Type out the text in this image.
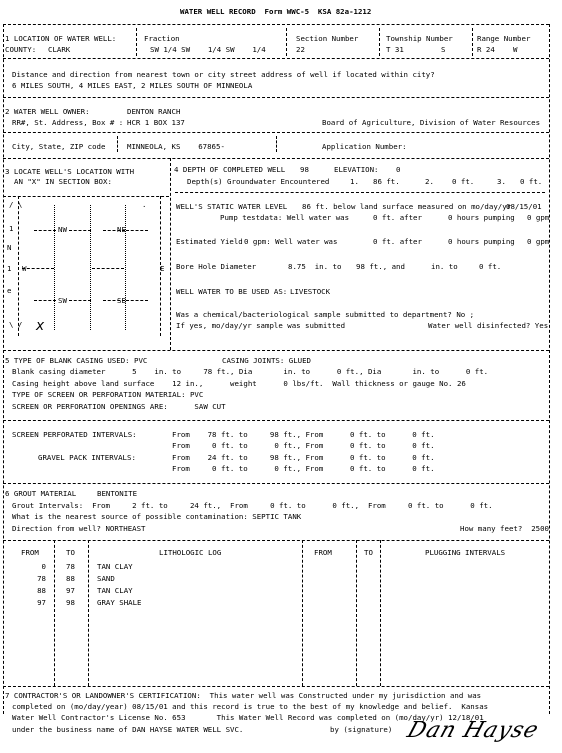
WATER WELL RECORD  Form WWC-5  KSA 82a-1212
1 LOCATION OF WATER WELL:
COUNTY: CLARK
Fraction
SW 1/4 SW    1/4 SW    1/4
Section Number
22
Township Number
T 31	S
Range Number
R 24 W
Distance and direction from nearest town or city street address of well if located within city?
6 MILES SOUTH, 4 MILES EAST, 2 MILES SOUTH OF MINNEOLA
2 WATER WELL OWNER:	DENTON RANCH
RR#, St. Address, Box # : HCR 1 BOX 137	Board of Agriculture, Division of Water Resources
City, State, ZIP code	MINNEOLA, KS    67865-	Application Number:
3 LOCATE WELL'S LOCATION WITH
AN "X" IN SECTION BOX:
NW	NE
SW	SE
N
W	E
/ \
1
1
e
\ /
.
x
4 DEPTH OF COMPLETED WELL 98	ELEVATION: 0
Depth(s) Groundwater Encountered	1. 86 ft.	2. 0 ft.	3. 0 ft.
WELL'S STATIC WATER LEVEL 86 ft. below land surface measured on mo/day/yr
08/15/01
Pump testdata: Well water was	0 ft. after	0 hours pumping 0 gpm
Estimated Yield 0 gpm: Well water was	0 ft. after	0 hours pumping 0 gpm
Bore Hole Diameter	8.75  in. to 98 ft., and	in. to	0 ft.
WELL WATER TO BE USED AS: LIVESTOCK
Was a chemical/bacteriological sample submitted to department? No ;
If yes, mo/day/yr sample was submitted	Water well disinfected? Yes
5 TYPE OF BLANK CASING USED: PVC	CASING JOINTS: GLUED
Blank casing diameter      5    in. to     78 ft., Dia       in. to      0 ft., Dia       in. to      0 ft.
Casing height above land surface    12 in.,      weight      0 lbs/ft.  Wall thickness or gauge No. 26
TYPE OF SCREEN OR PERFORATION MATERIAL: PVC
SCREEN OR PERFORATION OPENINGS ARE:      SAW CUT
SCREEN PERFORATED INTERVALS:	From    78 ft. to     98 ft., From      0 ft. to      0 ft.
From     0 ft. to      0 ft., From      0 ft. to      0 ft.
GRAVEL PACK INTERVALS:	From    24 ft. to     98 ft., From      0 ft. to      0 ft.
From     0 ft. to      0 ft., From      0 ft. to      0 ft.
6 GROUT MATERIAL	BENTONITE
Grout Intervals:  From     2 ft. to     24 ft.,  From     0 ft. to      0 ft.,  From     0 ft. to      0 ft.
What is the nearest source of possible contamination: SEPTIC TANK
Direction from well? NORTHEAST	How many feet?  2500
FROM	TO	LITHOLOGIC LOG	FROM	TO	PLUGGING INTERVALS
0	78	TAN CLAY
78	88	SAND
88	97	TAN CLAY
97	98	GRAY SHALE
7 CONTRACTOR'S OR LANDOWNER'S CERTIFICATION:  This water well was Constructed under my jurisdiction and was
completed on (mo/day/year) 08/15/01 and this record is true to the best of my knowledge and belief.  Kansas
Water Well Contractor's License No. 653       This Water Well Record was completed on (mo/day/yr) 12/18/01
under the business name of DAN HAYSE WATER WELL SVC.	by (signature) Dan Hayse
